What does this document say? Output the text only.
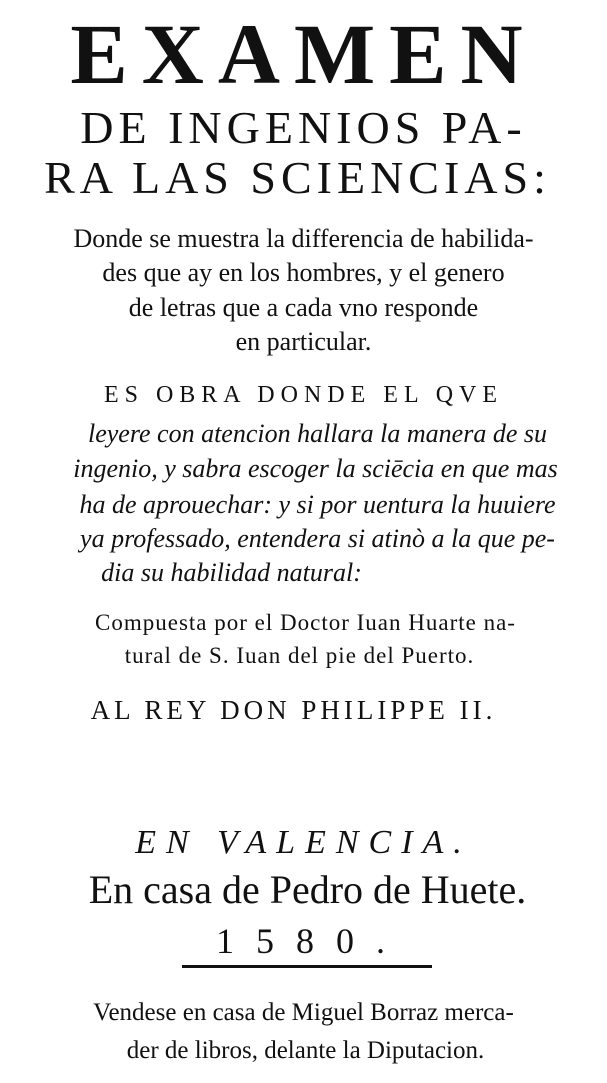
EXAMEN
DE INGENIOS PA-
RA LAS SCIENCIAS:
Donde se muestra la differencia de habilida-
des que ay en los hombres, y el genero
de letras que a cada vno responde
en particular.
ES OBRA DONDE EL QVE
leyere con atencion hallara la manera de su
ingenio, y sabra escoger la sciēcia en que mas
ha de aprouechar: y si por uentura la huuiere
ya professado, entendera si atinò a la que pe-
dia su habilidad natural:
Compuesta por el Doctor Iuan Huarte na-
tural de S. Iuan del pie del Puerto.
AL REY DON PHILIPPE II.
EN VALENCIA.
En casa de Pedro de Huete.
1580.
Vendese en casa de Miguel Borraz merca-
der de libros, delante la Diputacion.
